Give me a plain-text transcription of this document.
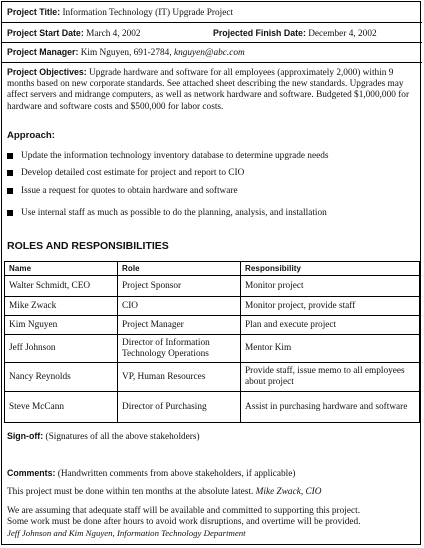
Project Title: Information Technology (IT) Upgrade Project
Project Start Date: March 4, 2002	Projected Finish Date: December 4, 2002
Project Manager: Kim Nguyen, 691-2784, knguyen@abc.com
Project Objectives: Upgrade hardware and software for all employees (approximately 2,000) within 9 months based on new corporate standards. See attached sheet describing the new standards. Upgrades may affect servers and midrange computers, as well as network hardware and software. Budgeted $1,000,000 for hardware and software costs and $500,000 for labor costs.
Approach:
Update the information technology inventory database to determine upgrade needs
Develop detailed cost estimate for project and report to CIO
Issue a request for quotes to obtain hardware and software
Use internal staff as much as possible to do the planning, analysis, and installation
ROLES AND RESPONSIBILITIES
Name	Role	Responsibility
Walter Schmidt, CEO	Project Sponsor	Monitor project
Mike Zwack	CIO	Monitor project, provide staff
Kim Nguyen	Project Manager	Plan and execute project
Jeff Johnson	Director of Information Technology Operations	Mentor Kim
Nancy Reynolds	VP, Human Resources	Provide staff, issue memo to all employees about project
Steve McCann	Director of Purchasing	Assist in purchasing hardware and software
Sign-off: (Signatures of all the above stakeholders)
Comments: (Handwritten comments from above stakeholders, if applicable)
This project must be done within ten months at the absolute latest. Mike Zwack, CIO
We are assuming that adequate staff will be available and committed to supporting this project.
Some work must be done after hours to avoid work disruptions, and overtime will be provided.
Jeff Johnson and Kim Nguyen, Information Technology Department
